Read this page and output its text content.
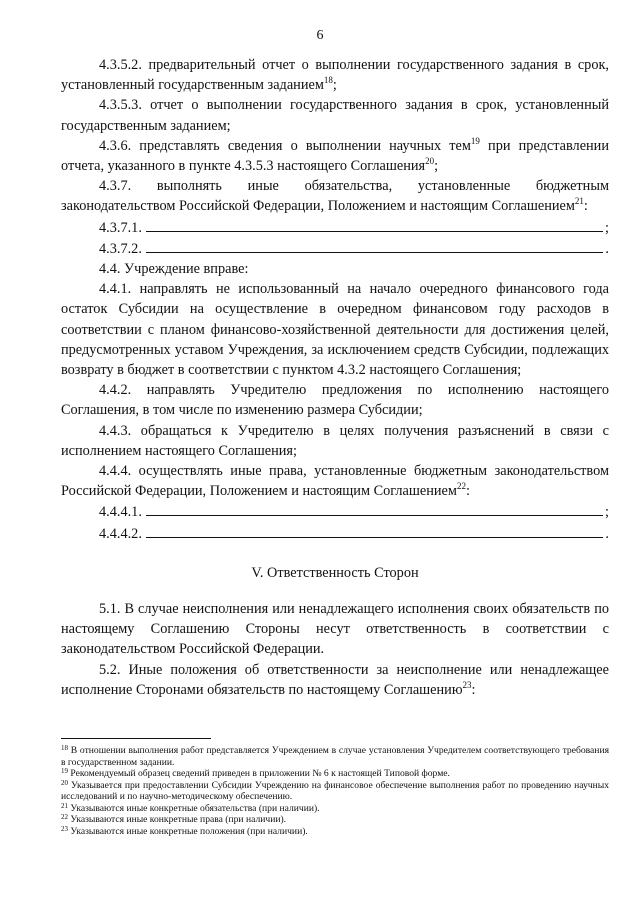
6

4.3.5.2. предварительный отчет о выполнении государственного задания в срок, установленный государственным заданием$^{18}$;

4.3.5.3. отчет о выполнении государственного задания в срок, установленный государственным заданием;

4.3.6. представлять сведения о выполнении научных тем$^{19}$ при представлении отчета, указанного в пункте 4.3.5.3 настоящего Соглашения$^{20}$;

4.3.7. выполнять иные обязательства, установленные бюджетным законодательством Российской Федерации, Положением и настоящим Соглашением$^{21}$:

4.3.7.1.	;
4.3.7.2.	.

4.4. Учреждение вправе:

4.4.1. направлять не использованный на начало очередного финансового года остаток Субсидии на осуществление в очередном финансовом году расходов в соответствии с планом финансово-хозяйственной деятельности для достижения целей, предусмотренных уставом Учреждения, за исключением средств Субсидии, подлежащих возврату в бюджет в соответствии с пунктом 4.3.2 настоящего Соглашения;

4.4.2. направлять Учредителю предложения по исполнению настоящего Соглашения, в том числе по изменению размера Субсидии;

4.4.3. обращаться к Учредителю в целях получения разъяснений в связи с исполнением настоящего Соглашения;

4.4.4. осуществлять иные права, установленные бюджетным законодательством Российской Федерации, Положением и настоящим Соглашением$^{22}$:

4.4.4.1.	;
4.4.4.2.	.
V. Ответственность Сторон

5.1. В случае неисполнения или ненадлежащего исполнения своих обязательств по настоящему Соглашению Стороны несут ответственность в соответствии с законодательством Российской Федерации.

5.2. Иные положения об ответственности за неисполнение или ненадлежащее исполнение Сторонами обязательств по настоящему Соглашению$^{23}$:

$^{18}$ В отношении выполнения работ представляется Учреждением в случае установления Учредителем соответствующего требования в государственном задании.

$^{19}$ Рекомендуемый образец сведений приведен в приложении № 6 к настоящей Типовой форме.

$^{20}$ Указывается при предоставлении Субсидии Учреждению на финансовое обеспечение выполнения работ по проведению научных исследований и по научно-методическому обеспечению.

$^{21}$ Указываются иные конкретные обязательства (при наличии).

$^{22}$ Указываются иные конкретные права (при наличии).

$^{23}$ Указываются иные конкретные положения (при наличии).
